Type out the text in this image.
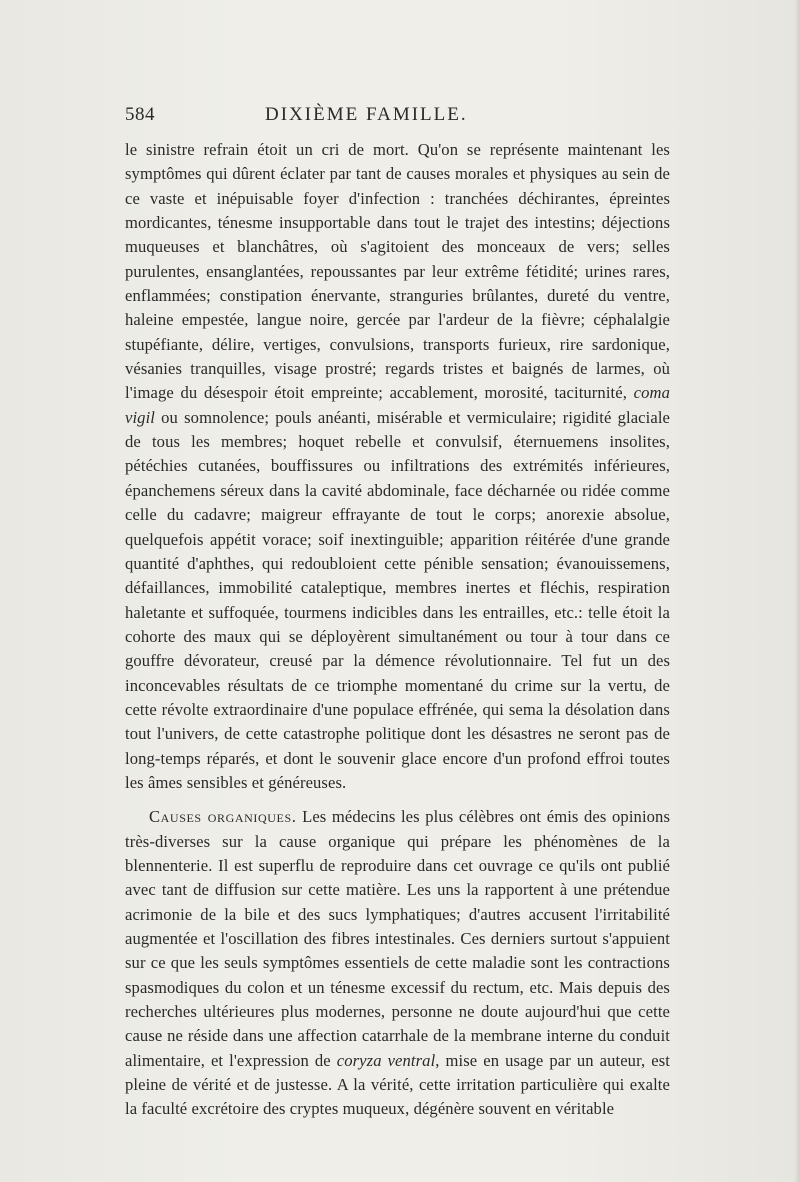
584	DIXIÈME FAMILLE.

le sinistre refrain étoit un cri de mort. Qu'on se représente maintenant les symptômes qui dûrent éclater par tant de causes morales et physiques au sein de ce vaste et inépuisable foyer d'infection : tranchées déchirantes, épreintes mordicantes, ténesme insupportable dans tout le trajet des intestins; déjections muqueuses et blanchâtres, où s'agitoient des monceaux de vers; selles purulentes, ensanglantées, repoussantes par leur extrême fétidité; urines rares, enflammées; constipation énervante, stranguries brûlantes, dureté du ventre, haleine empestée, langue noire, gercée par l'ardeur de la fièvre; céphalalgie stupéfiante, délire, vertiges, convulsions, transports furieux, rire sardonique, vésanies tranquilles, visage prostré; regards tristes et baignés de larmes, où l'image du désespoir étoit empreinte; accablement, morosité, taciturnité, coma vigil ou somnolence; pouls anéanti, misérable et vermiculaire; rigidité glaciale de tous les membres; hoquet rebelle et convulsif, éternuemens insolites, pétéchies cutanées, bouffissures ou infiltrations des extrémités inférieures, épanchemens séreux dans la cavité abdominale, face décharnée ou ridée comme celle du cadavre; maigreur effrayante de tout le corps; anorexie absolue, quelquefois appétit vorace; soif inextinguible; apparition réitérée d'une grande quantité d'aphthes, qui redoubloient cette pénible sensation; évanouissemens, défaillances, immobilité cataleptique, membres inertes et fléchis, respiration haletante et suffoquée, tourmens indicibles dans les entrailles, etc.: telle étoit la cohorte des maux qui se déployèrent simultanément ou tour à tour dans ce gouffre dévorateur, creusé par la démence révolutionnaire. Tel fut un des inconcevables résultats de ce triomphe momentané du crime sur la vertu, de cette révolte extraordinaire d'une populace effrénée, qui sema la désolation dans tout l'univers, de cette catastrophe politique dont les désastres ne seront pas de long-temps réparés, et dont le souvenir glace encore d'un profond effroi toutes les âmes sensibles et généreuses.

Causes organiques. Les médecins les plus célèbres ont émis des opinions très-diverses sur la cause organique qui prépare les phénomènes de la blennenterie. Il est superflu de reproduire dans cet ouvrage ce qu'ils ont publié avec tant de diffusion sur cette matière. Les uns la rapportent à une prétendue acrimonie de la bile et des sucs lymphatiques; d'autres accusent l'irritabilité augmentée et l'oscillation des fibres intestinales. Ces derniers surtout s'appuient sur ce que les seuls symptômes essentiels de cette maladie sont les contractions spasmodiques du colon et un ténesme excessif du rectum, etc. Mais depuis des recherches ultérieures plus modernes, personne ne doute aujourd'hui que cette cause ne réside dans une affection catarrhale de la membrane interne du conduit alimentaire, et l'expression de coryza ventral, mise en usage par un auteur, est pleine de vérité et de justesse. A la vérité, cette irritation particulière qui exalte la faculté excrétoire des cryptes muqueux, dégénère souvent en véritable
